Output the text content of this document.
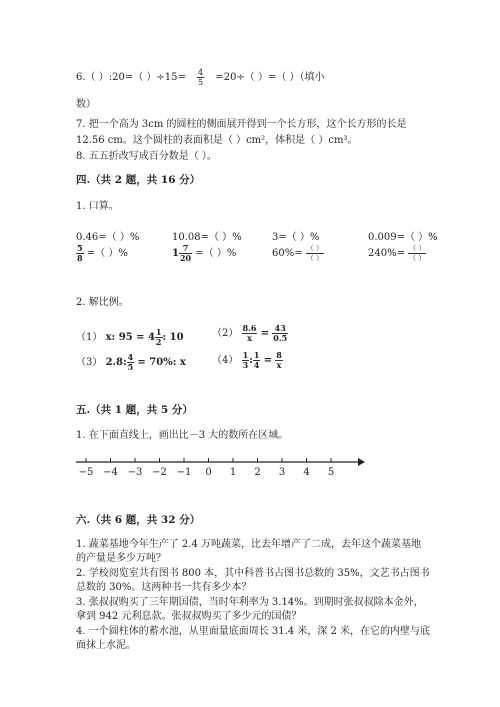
6.（ ）:20=（ ）$\div 15= \frac{4}{5} =20\div$（ ）=（ ）（填小
数）
7. 把一个高为 3cm 的圆柱的侧面展开得到一个长方形，这个长方形的长是
12.56 cm。这个圆柱的表面积是（ ）cm²，体积是（ ）cm³。
8. 五五折改写成百分数是（ ）。
四.（共 2 题，共 16 分）
1. 口算。
0.46=（ ）%	10.08=（ ）%	3=（ ）%	0.009=（ ）%
$\frac{5}{8}$ =（ ）%	$1 \frac{7}{20}$ =（ ）%	$60\%= \frac{( )}{( )}$	$240\%= \frac{( )}{( )}$
2. 解比例。
（1） x: $95 = 4 \frac{1}{2}$ : 10	$(2) \frac{8.6}{x} = \frac{43}{0.5}$
（3） 2.8: $\frac{4}{5} = 70\%$: x	$(4) \frac{1}{3}$ : $\frac{1}{4} = \frac{8}{x}$
五.（共 1 题，共 5 分）
1. 在下面直线上，画出比－3 大的数所在区域。
−5 −4 −3 −2 −1 0 1 2 3 4 5
六.（共 6 题，共 32 分）
1. 蔬菜基地今年生产了 2.4 万吨蔬菜，比去年增产了二成，去年这个蔬菜基地
的产量是多少万吨？
2. 学校阅览室共有图书 800 本，其中科普书占图书总数的 35%，文艺书占图书
总数的 30%。这两种书一共有多少本？
3. 张叔叔购买了三年期国债，当时年利率为 3.14%。到期时张叔叔除本金外，
拿到 942 元利息款。张叔叔购买了多少元的国债？
4. 一个圆柱体的蓄水池，从里面量底面周长 31.4 米，深 2 米，在它的内壁与底
面抹上水泥。
